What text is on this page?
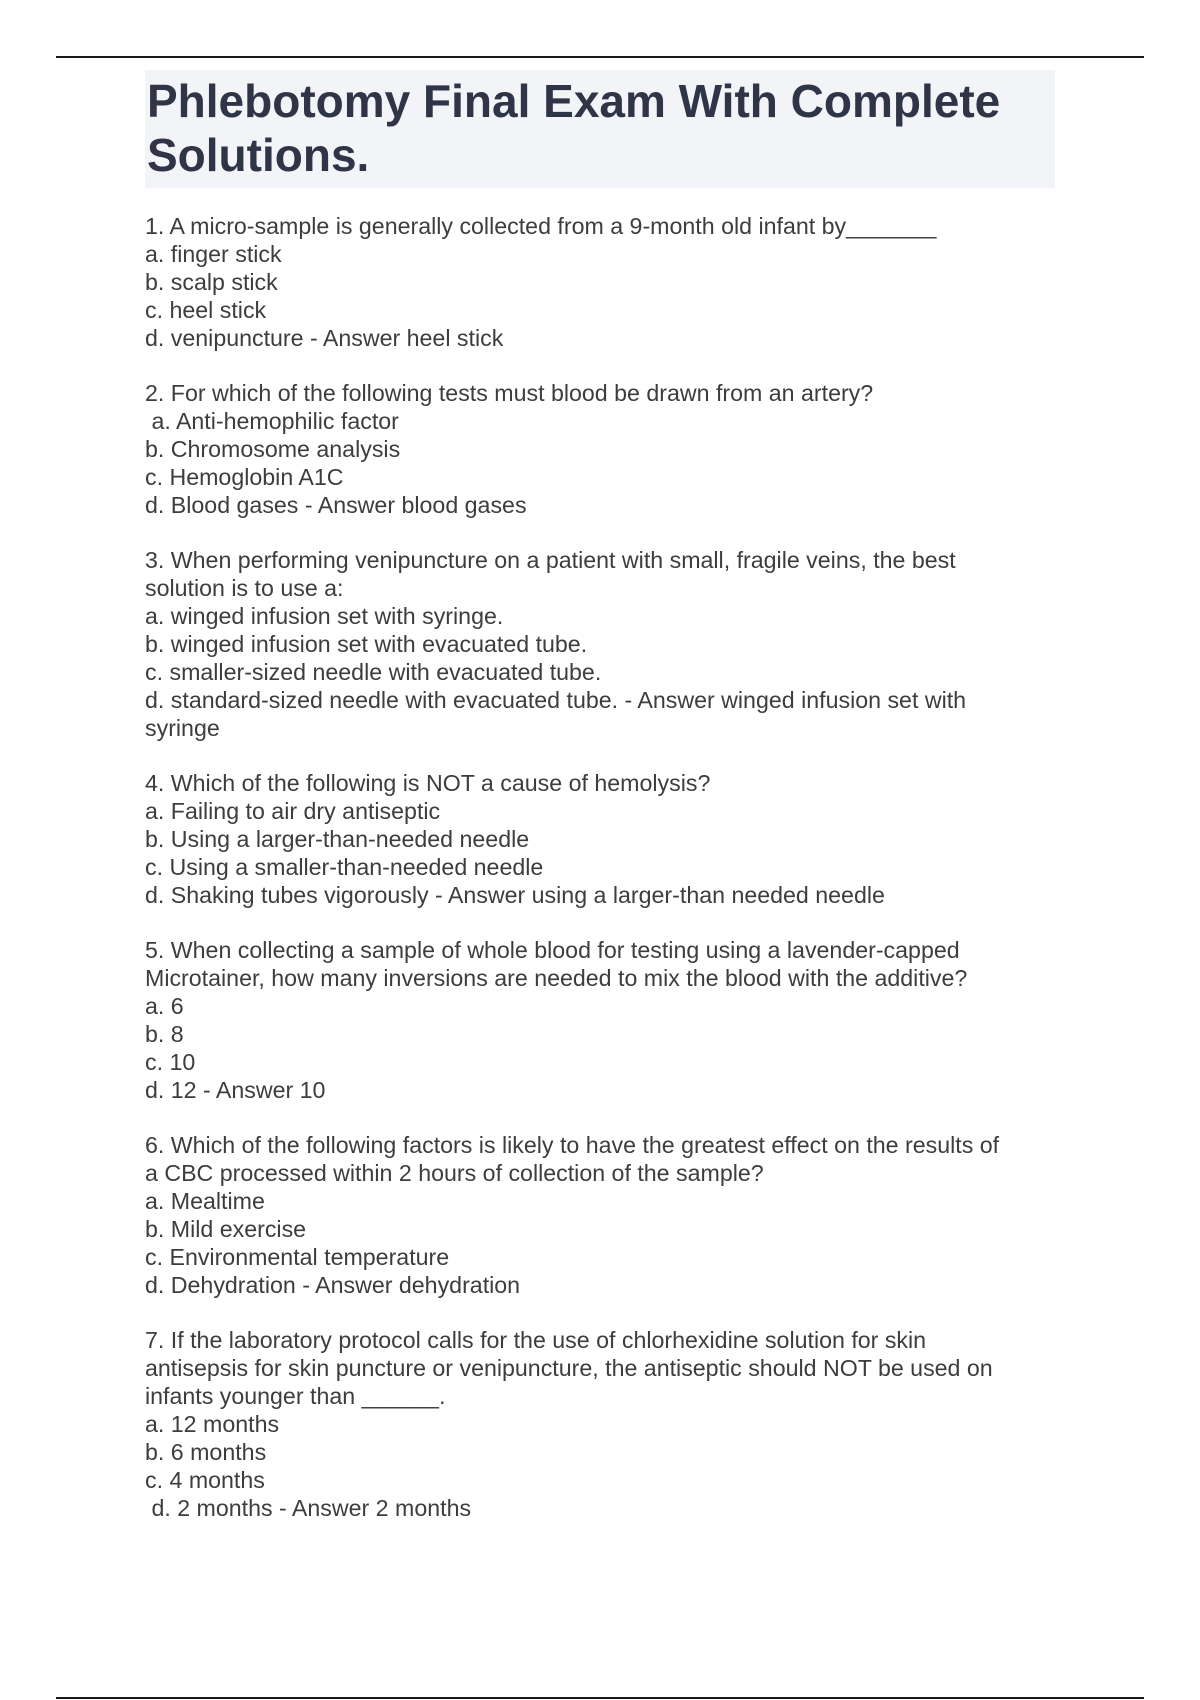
Phlebotomy Final Exam With Complete
Solutions.
1. A micro-sample is generally collected from a 9-month old infant by_______
a. finger stick
b. scalp stick
c. heel stick
d. venipuncture - Answer heel stick
2. For which of the following tests must blood be drawn from an artery?
a. Anti-hemophilic factor
b. Chromosome analysis
c. Hemoglobin A1C
d. Blood gases - Answer blood gases
3. When performing venipuncture on a patient with small, fragile veins, the best
solution is to use a:
a. winged infusion set with syringe.
b. winged infusion set with evacuated tube.
c. smaller-sized needle with evacuated tube.
d. standard-sized needle with evacuated tube. - Answer winged infusion set with
syringe
4. Which of the following is NOT a cause of hemolysis?
a. Failing to air dry antiseptic
b. Using a larger-than-needed needle
c. Using a smaller-than-needed needle
d. Shaking tubes vigorously - Answer using a larger-than needed needle
5. When collecting a sample of whole blood for testing using a lavender-capped
Microtainer, how many inversions are needed to mix the blood with the additive?
a. 6
b. 8
c. 10
d. 12 - Answer 10
6. Which of the following factors is likely to have the greatest effect on the results of
a CBC processed within 2 hours of collection of the sample?
a. Mealtime
b. Mild exercise
c. Environmental temperature
d. Dehydration - Answer dehydration
7. If the laboratory protocol calls for the use of chlorhexidine solution for skin
antisepsis for skin puncture or venipuncture, the antiseptic should NOT be used on
infants younger than ______.
a. 12 months
b. 6 months
c. 4 months
d. 2 months - Answer 2 months
